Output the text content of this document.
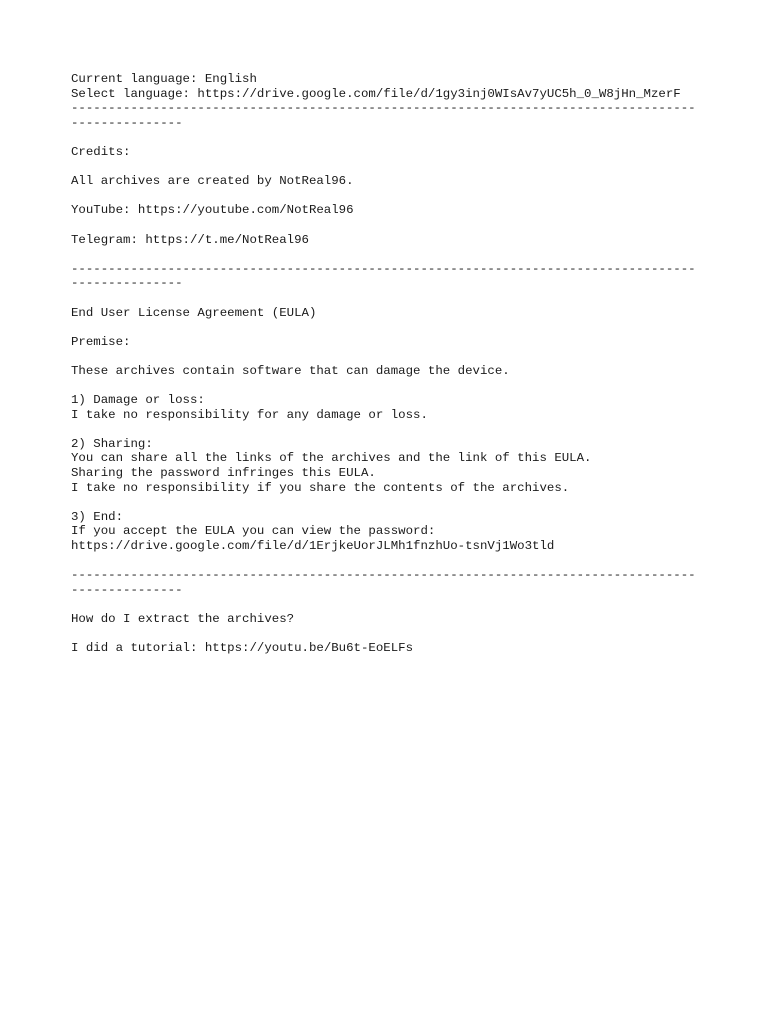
Current language: English
Select language: https://drive.google.com/file/d/1gy3inj0WIsAv7yUC5h_0_W8jHn_MzerF
------------------------------------------------------------------------------------
---------------
Credits:
All archives are created by NotReal96.
YouTube: https://youtube.com/NotReal96
Telegram: https://t.me/NotReal96
------------------------------------------------------------------------------------
---------------
End User License Agreement (EULA)
Premise:
These archives contain software that can damage the device.
1) Damage or loss:
I take no responsibility for any damage or loss.
2) Sharing:
You can share all the links of the archives and the link of this EULA.
Sharing the password infringes this EULA.
I take no responsibility if you share the contents of the archives.
3) End:
If you accept the EULA you can view the password:
https://drive.google.com/file/d/1ErjkeUorJLMh1fnzhUo-tsnVj1Wo3tld
------------------------------------------------------------------------------------
---------------
How do I extract the archives?
I did a tutorial: https://youtu.be/Bu6t-EoELFs
